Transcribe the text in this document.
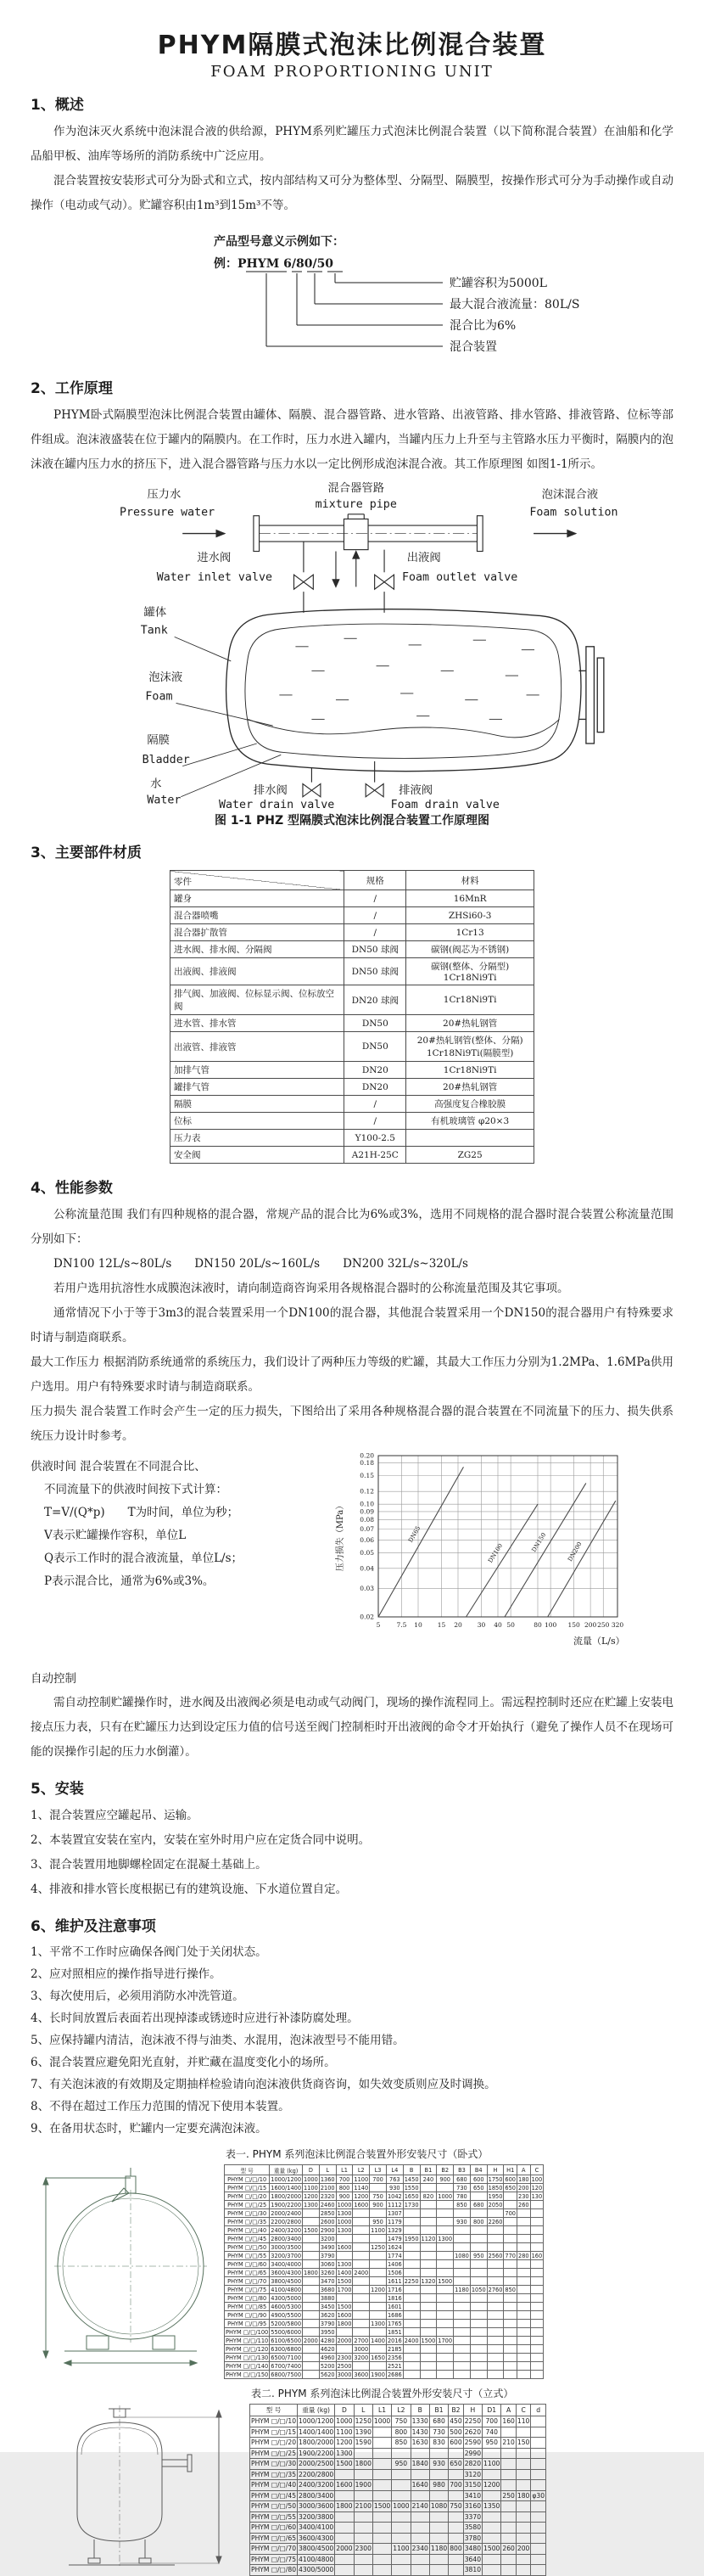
PHYM隔膜式泡沫比例混合装置
FOAM PROPORTIONING UNIT
1、概述

作为泡沫灭火系统中泡沫混合液的供给源，PHYM系列贮罐压力式泡沫比例混合装置（以下简称混合装置）在油船和化学品船甲板、油库等场所的消防系统中广泛应用。

混合装置按安装形式可分为卧式和立式，按内部结构又可分为整体型、分隔型、隔膜型，按操作形式可分为手动操作或自动操作（电动或气动）。贮罐容积由1m³到15m³不等。

产品型号意义示例如下：
例：PHYM 6/80/50
贮罐容积为5000L
最大混合液流量：80L/S
混合比为6%
混合装置
2、工作原理

PHYM卧式隔膜型泡沫比例混合装置由罐体、隔膜、混合器管路、进水管路、出液管路、排水管路、排液管路、位标等部件组成。泡沫液盛装在位于罐内的隔膜内。在工作时，压力水进入罐内，当罐内压力上升至与主管路水压力平衡时，隔膜内的泡沫液在罐内压力水的挤压下，进入混合器管路与压力水以一定比例形成泡沫混合液。其工作原理图 如图1-1所示。

压力水
Pressure water
混合器管路
mixture pipe
泡沫混合液
Foam solution
进水阀
Water inlet valve
出液阀
Foam outlet valve
罐体
Tank
泡沫液
Foam
隔膜
Bladder
水
Water
排水阀
Water drain valve
排液阀
Foam drain valve
图 1-1 PHZ 型隔膜式泡沫比例混合装置工作原理图
3、主要部件材质
零件	规格	材料
罐身	/	16MnR
混合器喷嘴	/	ZHSi60-3
混合器扩散管	/	1Cr13
进水阀、排水阀、分隔阀	DN50 球阀	碳钢(阀芯为不锈钢)
出液阀、排液阀	DN50 球阀	碳钢(整体、分隔型) 1Cr18Ni9Ti
排气阀、加液阀、位标显示阀、位标放空阀	DN20 球阀	1Cr18Ni9Ti
进水管、排水管	DN50	20#热轧钢管
出液管、排液管	DN50	20#热轧钢管(整体、分隔) 1Cr18Ni9Ti(隔膜型)
加排气管	DN20	1Cr18Ni9Ti
罐排气管	DN20	20#热轧钢管
隔膜	/	高强度复合橡胶膜
位标	/	有机玻璃管 φ20×3
压力表	Y100-2.5	
安全阀	A21H-25C	ZG25
4、性能参数

公称流量范围 我们有四种规格的混合器，常规产品的混合比为6%或3%，选用不同规格的混合器时混合装置公称流量范围分别如下：

DN100 12L/s~80L/s　　DN150 20L/s~160L/s　　DN200 32L/s~320L/s

若用户选用抗溶性水成膜泡沫液时，请向制造商咨询采用各规格混合器时的公称流量范围及其它事项。

通常情况下小于等于3m3的混合装置采用一个DN100的混合器，其他混合装置采用一个DN150的混合器用户有特殊要求时请与制造商联系。

最大工作压力 根据消防系统通常的系统压力，我们设计了两种压力等级的贮罐，其最大工作压力分别为1.2MPa、1.6MPa供用户选用。用户有特殊要求时请与制造商联系。

压力损失 混合装置工作时会产生一定的压力损失，下图给出了采用各种规格混合器的混合装置在不同流量下的压力、损失供系统压力设计时参考。

供液时间 混合装置在不同混合比、
不同流量下的供液时间按下式计算：
T=V/(Q*p)　　T为时间，单位为秒；
V表示贮罐操作容积，单位L
Q表示工作时的混合液流量，单位L/s；
P表示混合比，通常为6%或3%。
5	7.5 10 15 20 30 40 50	80 100 150 200 250 320
0.02
0.03
0.04
0.05
0.06
0.07
0.08
0.09
0.10
0.12
0.15
0.18
0.20
DN65
DN100	DN150	DN200
压力损失（MPa）
流量（L/s）
自动控制

需自动控制贮罐操作时，进水阀及出液阀必须是电动或气动阀门，现场的操作流程同上。需远程控制时还应在贮罐上安装电接点压力表，只有在贮罐压力达到设定压力值的信号送至阀门控制柜时开出液阀的命令才开始执行（避免了操作人员不在现场可能的误操作引起的压力水倒灌）。

5、安装
1、混合装置应空罐起吊、运输。
2、本装置宜安装在室内，安装在室外时用户应在定货合同中说明。
3、混合装置用地脚螺栓固定在混凝土基础上。
4、排液和排水管长度根据已有的建筑设施、下水道位置自定。
6、维护及注意事项
1、平常不工作时应确保各阀门处于关闭状态。
2、应对照相应的操作指导进行操作。
3、每次使用后，必须用消防水冲洗管道。
4、长时间放置后表面若出现掉漆或锈迹时应进行补漆防腐处理。
5、应保持罐内清洁，泡沫液不得与油类、水混用，泡沫液型号不能用错。
6、混合装置应避免阳光直射，并贮藏在温度变化小的场所。
7、有关泡沫液的有效期及定期抽样检验请向泡沫液供货商咨询，如失效变质则应及时调换。
8、不得在超过工作压力范围的情况下使用本装置。
9、在备用状态时，贮罐内一定要充满泡沫液。
表一. PHYM 系列泡沫比例混合装置外形安装尺寸（卧式）
型 号	重量 (kg)	D	L	L1	L2	L3	L4	B	B1	B2	B3	B4	H	H1	A	C
PHYM □/□/10	1000/1200	1000	1360	700	1100	700	763	1450	240	900	680	600	1750	600	180	100
PHYM □/□/15	1600/1400	1100	2100	800	1140		930	1550			730	650	1850	650	200	120
PHYM □/□/20	1800/2000	1200	2320	900	1200	750	1042	1650	820	1000	780		1950		230	130
PHYM □/□/25	1900/2200	1300	2460	1000	1600	900	1112	1730			850	680	2050		260	
PHYM □/□/30	2000/2400		2850	1300			1307							700		
PHYM □/□/35	2200/2800		2600	1000		950	1179				930	800	2260			
PHYM □/□/40	2400/3200	1500	2900	1300		1100	1329									
PHYM □/□/45	2800/3400		3200				1479	1950	1120	1300						
PHYM □/□/50	3000/3500		3490	1600		1250	1624									
PHYM □/□/55	3200/3700		3790				1774				1080	950	2560	770	280	160
PHYM □/□/60	3400/4000		3060	1300			1406									
PHYM □/□/65	3600/4300	1800	3260	1400	2400		1506									
PHYM □/□/70	3800/4500		3470	1500			1611	2250	1320	1500						
PHYM □/□/75	4100/4800		3680	1700		1200	1716				1180	1050	2760	850		
PHYM □/□/80	4300/5000		3880				1816									
PHYM □/□/85	4600/5300		3450	1500			1601									
PHYM □/□/90	4900/5500		3620	1600			1686									
PHYM □/□/95	5200/5800		3790	1800		1300	1765									
PHYM □/□/100	5500/6000		3950				1851									
PHYM □/□/110	6100/6500	2000	4280	2000	2700	1400	2016	2400	1500	1700						
PHYM □/□/120	6300/6800		4620		3000		2185									
PHYM □/□/130	6500/7100		4960	2300	3200	1650	2356									
PHYM □/□/140	6700/7400		5200	2500			2521									
PHYM □/□/150	6800/7500		5620	3000	3600	1900	2686									
表二. PHYM 系列泡沫比例混合装置外形安装尺寸（立式）
型 号	重量 (kg)	D	L	L1	L2	B	B1	B2	H	D1	A	C	d
PHYM □/□/10	1000/1200	1000	1250	1000	750	1330	680	450	2250	700	160	110	
PHYM □/□/15	1400/1400	1100	1390		800	1430	730	500	2620	740			
PHYM □/□/20	1800/2000	1200	1590		850	1630	830	600	2590	950	210	150	
PHYM □/□/25	1900/2200	1300							2990				
PHYM □/□/30	2000/2500	1500	1800		950	1840	930	650	2820	1100			
PHYM □/□/35	2200/2800								3120				
PHYM □/□/40	2400/3200	1600	1900			1640	980	700	3150	1200			
PHYM □/□/45	2800/3400								3410		250	180	φ30
PHYM □/□/50	3000/3600	1800	2100	1500	1000	2140	1080	750	3160	1350			
PHYM □/□/55	3200/3800								3370				
PHYM □/□/60	3400/4100								3580				
PHYM □/□/65	3600/4300								3780				
PHYM □/□/70	3800/4500	2000	2300		1100	2340	1180	800	3480	1500	260	200	
PHYM □/□/75	4100/4800								3640				
PHYM □/□/80	4300/5000								3810				
